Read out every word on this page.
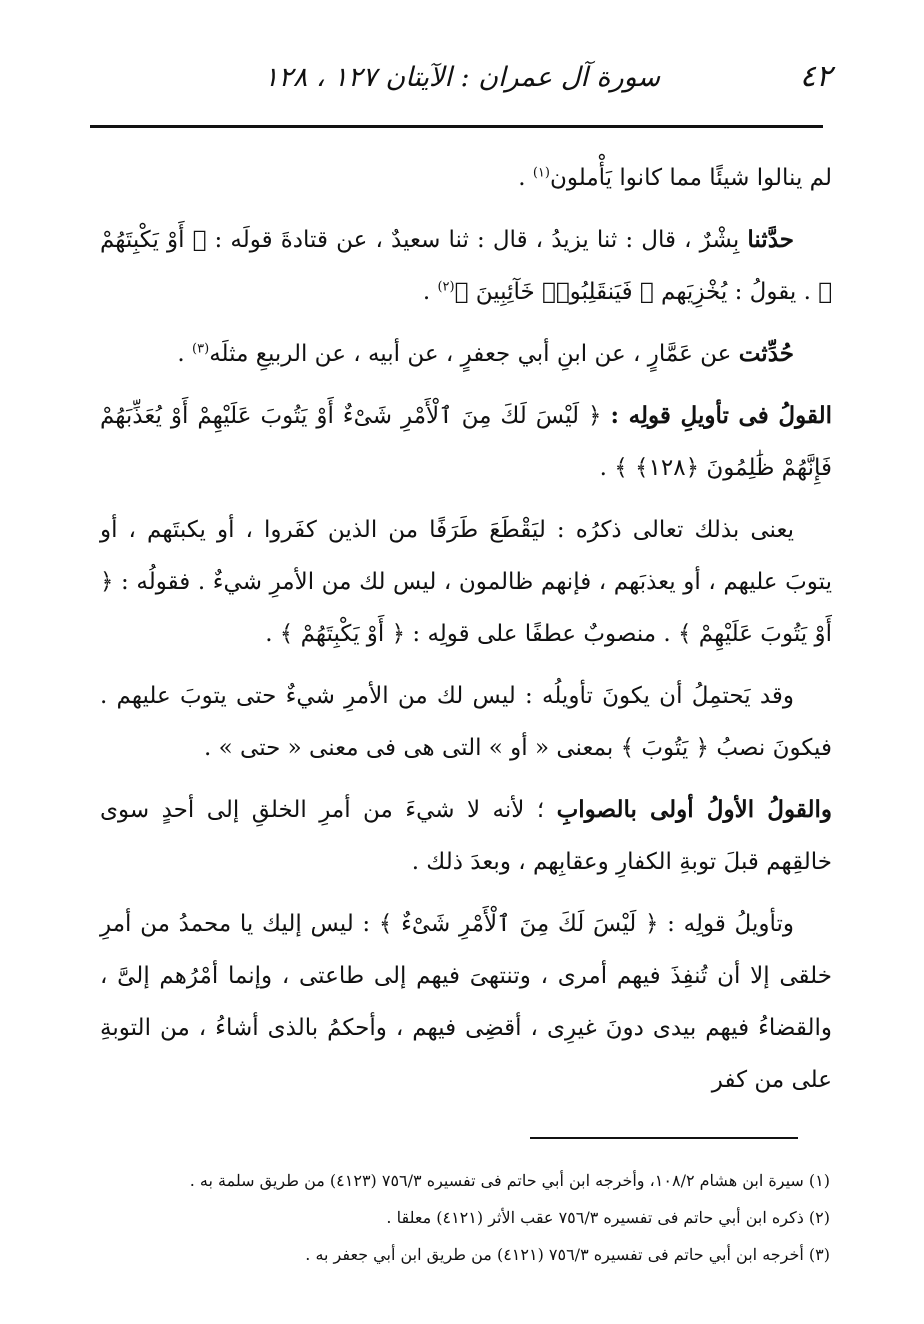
٤٢
سورة آل عمران : الآيتان ١٢٧ ، ١٢٨

لم ينالوا شيئًا مما كانوا يَأْملون$^{(١)}$ .

حدَّثنا بِشْرٌ ، قال : ثنا يزيدُ ، قال : ثنا سعيدٌ ، عن قتادةَ قولَه : ﴿ أَوْ يَكْبِتَهُمْ ﴾ . يقولُ : يُخْزِيَهم ﴿ فَيَنقَلِبُوا۟ خَآئِبِينَ ﴾$^{(٢)}$ .

حُدِّثت عن عَمَّارٍ ، عن ابنِ أبي جعفرٍ ، عن أبيه ، عن الربيعِ مثلَه$^{(٣)}$ .

القولُ فى تأويلِ قولِه : ﴿ لَيْسَ لَكَ مِنَ ٱلْأَمْرِ شَىْءٌ أَوْ يَتُوبَ عَلَيْهِمْ أَوْ يُعَذِّبَهُمْ فَإِنَّهُمْ ظَٰلِمُونَ ﴿١٢٨﴾ ﴾ .

يعنى بذلك تعالى ذكرُه : ليَقْطَعَ طَرَفًا من الذين كفَروا ، أو يكبتَهم ، أو يتوبَ عليهم ، أو يعذبَهم ، فإنهم ظالمون ، ليس لك من الأمرِ شيءٌ . فقولُه : ﴿ أَوْ يَتُوبَ عَلَيْهِمْ ﴾ . منصوبٌ عطفًا على قولِه : ﴿ أَوْ يَكْبِتَهُمْ ﴾ .

وقد يَحتمِلُ أن يكونَ تأويلُه : ليس لك من الأمرِ شيءٌ حتى يتوبَ عليهم . فيكونَ نصبُ ﴿ يَتُوبَ ﴾ بمعنى « أو » التى هى فى معنى « حتى » .

والقولُ الأولُ أولى بالصوابِ ؛ لأنه لا شيءَ من أمرِ الخلقِ إلى أحدٍ سوى خالقِهم قبلَ توبةِ الكفارِ وعقابِهم ، وبعدَ ذلك .

وتأويلُ قولِه : ﴿ لَيْسَ لَكَ مِنَ ٱلْأَمْرِ شَىْءٌ ﴾ : ليس إليك يا محمدُ من أمرِ خلقى إلا أن تُنفِذَ فيهم أمرى ، وتنتهىَ فيهم إلى طاعتى ، وإنما أمْرُهم إلىَّ ، والقضاءُ فيهم بيدى دونَ غيرِى ، أقضِى فيهم ، وأحكمُ بالذى أشاءُ ، من التوبةِ على من كفر

(١) سيرة ابن هشام ١٠٨/٢، وأخرجه ابن أبي حاتم فى تفسيره ٧٥٦/٣ (٤١٢٣) من طريق سلمة به .

(٢) ذكره ابن أبي حاتم فى تفسيره ٧٥٦/٣ عقب الأثر (٤١٢١) معلقا .

(٣) أخرجه ابن أبي حاتم فى تفسيره ٧٥٦/٣ (٤١٢١) من طريق ابن أبي جعفر به .
